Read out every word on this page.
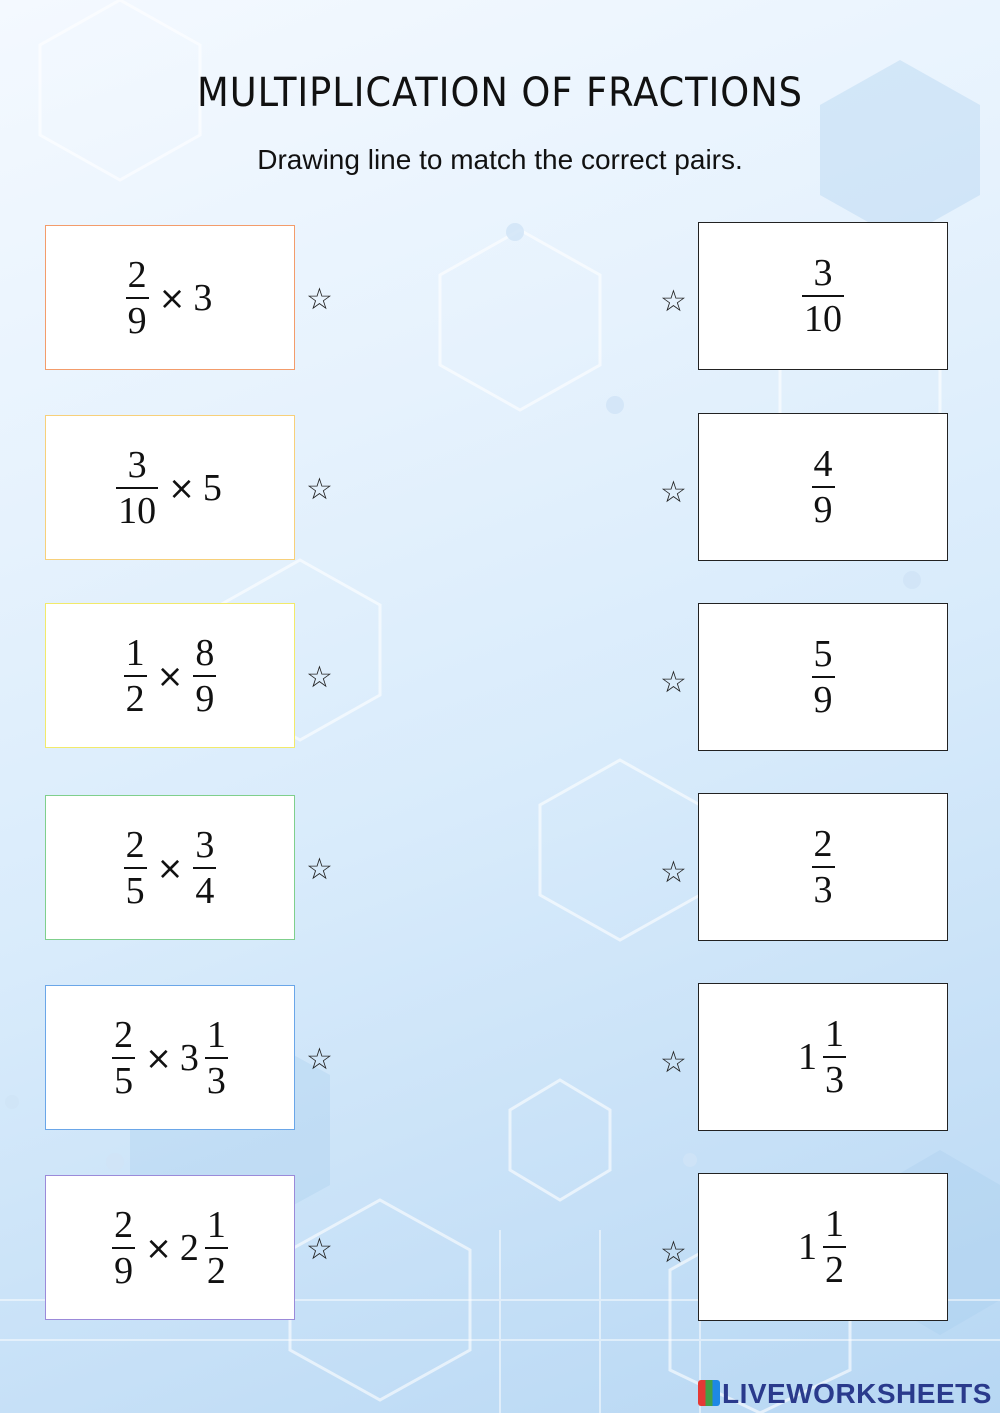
MULTIPLICATION OF FRACTIONS
Drawing line to match the correct pairs.
$\frac{2}{9} \times 3$	☆
$\frac{3}{10} \times 5$	☆
$\frac{1}{2} \times \frac{8}{9}$	☆
$\frac{2}{5} \times \frac{3}{4}$	☆
$\frac{2}{5} \times 3 \frac{1}{3}$	☆
$\frac{2}{9} \times 2 \frac{1}{2}$	☆
$\frac{3}{10}$
☆
$\frac{4}{9}$
☆
$\frac{5}{9}$
☆
$\frac{2}{3}$
☆
$1 \frac{1}{3}$
☆
$1 \frac{1}{2}$
☆
LIVEWORKSHEETS
